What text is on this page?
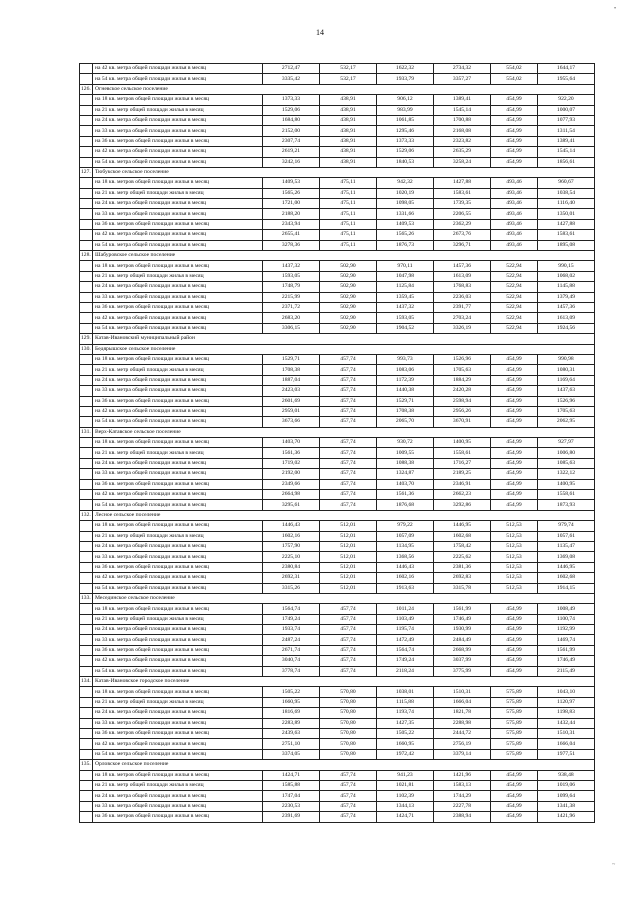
14
•
~
	на 42 кв. метра общей площади жилья в месяц	2712,47	532,17	1622,32	2734,32	554,02	1644,17
	на 54 кв. метра общей площади жилья в месяц	3335,42	532,17	1933,79	3357,27	554,02	1955,64
126.	Огневское сельское поселение						
	на 18 кв. метров общей площади жилья в месяц	1373,33	438,91	906,12	1389,41	454,99	922,20
	на 21 кв. метр общей площади жилья в месяц	1529,06	438,91	983,99	1545,14	454,99	1000,07
	на 24 кв. метра общей площади жилья в месяц	1684,80	438,91	1061,85	1700,88	454,99	1077,93
	на 33 кв. метра общей площади жилья в месяц	2152,00	438,91	1295,46	2168,08	454,99	1311,54
	на 36 кв. метров общей площади жилья в месяц	2307,74	438,91	1373,33	2323,82	454,99	1389,41
	на 42 кв. метра общей площади жилья в месяц	2619,21	438,91	1529,06	2635,29	454,99	1545,14
	на 54 кв. метра общей площади жилья в месяц	3242,16	438,91	1840,53	3258,24	454,99	1856,61
127.	Тюбукское сельское поселение						
	на 18 кв. метров общей площади жилья в месяц	1409,53	475,11	942,32	1427,88	493,46	960,67
	на 21 кв. метр общей площади жилья в месяц	1565,26	475,11	1020,19	1583,61	493,46	1038,54
	на 24 кв. метра общей площади жилья в месяц	1721,00	475,11	1098,05	1739,35	493,46	1116,40
	на 33 кв. метра общей площади жилья в месяц	2188,20	475,11	1331,66	2206,55	493,46	1350,01
	на 36 кв. метров общей площади жилья в месяц	2343,94	475,11	1409,53	2362,29	493,46	1427,88
	на 42 кв. метра общей площади жилья в месяц	2655,41	475,11	1565,26	2673,76	493,46	1583,61
	на 54 кв. метра общей площади жилья в месяц	3278,36	475,11	1876,73	3296,71	493,46	1895,08
128.	Шабуровское сельское поселение						
	на 18 кв. метров общей площади жилья в месяц	1437,32	502,90	970,11	1457,36	522,94	990,15
	на 21 кв. метр общей площади жилья в месяц	1593,05	502,90	1047,98	1613,09	522,94	1068,02
	на 24 кв. метра общей площади жилья в месяц	1748,79	502,90	1125,84	1768,83	522,94	1145,88
	на 33 кв. метра общей площади жилья в месяц	2215,99	502,90	1359,45	2236,03	522,94	1379,49
	на 36 кв. метров общей площади жилья в месяц	2371,72	502,90	1437,32	2391,77	522,94	1457,36
	на 42 кв. метра общей площади жилья в месяц	2683,20	502,90	1593,05	2703,24	522,94	1613,09
	на 54 кв. метра общей площади жилья в месяц	3306,15	502,90	1904,52	3326,19	522,94	1924,56
129.	Катав-Ивановский муниципальный район						
130.	Бедярышское сельское поселение						
	на 18 кв. метров общей площади жилья в месяц	1529,71	457,74	993,73	1526,96	454,99	990,98
	на 21 кв. метр общей площади жилья в месяц	1708,38	457,74	1083,06	1705,63	454,99	1080,31
	на 24 кв. метра общей площади жилья в месяц	1887,04	457,74	1172,39	1884,29	454,99	1169,64
	на 33 кв. метра общей площади жилья в месяц	2423,03	457,74	1440,38	2420,28	454,99	1437,63
	на 36 кв. метров общей площади жилья в месяц	2601,69	457,74	1529,71	2598,94	454,99	1526,96
	на 42 кв. метра общей площади жилья в месяц	2959,01	457,74	1708,38	2956,26	454,99	1705,63
	на 54 кв. метра общей площади жилья в месяц	3673,66	457,74	2065,70	3670,91	454,99	2062,95
131.	Верх-Катавское сельское поселение						
	на 18 кв. метров общей площади жилья в месяц	1403,70	457,74	930,72	1400,95	454,99	927,97
	на 21 кв. метр общей площади жилья в месяц	1561,36	457,74	1009,55	1558,61	454,99	1006,80
	на 24 кв. метра общей площади жилья в месяц	1719,02	457,74	1088,38	1716,27	454,99	1085,63
	на 33 кв. метра общей площади жилья в месяц	2192,00	457,74	1324,87	2189,25	454,99	1322,12
	на 36 кв. метров общей площади жилья в месяц	2349,66	457,74	1403,70	2346,91	454,99	1400,95
	на 42 кв. метра общей площади жилья в месяц	2664,98	457,74	1561,36	2662,23	454,99	1558,61
	на 54 кв. метра общей площади жилья в месяц	3295,61	457,74	1876,68	3292,86	454,99	1873,93
132.	Лесное сельское поселение						
	на 18 кв. метров общей площади жилья в месяц	1446,43	512,01	979,22	1446,95	512,53	979,74
	на 21 кв. метр общей площади жилья в месяц	1602,16	512,01	1057,09	1602,68	512,53	1057,61
	на 24 кв. метра общей площади жилья в месяц	1757,90	512,01	1134,95	1758,42	512,53	1135,47
	на 33 кв. метра общей площади жилья в месяц	2225,10	512,01	1368,56	2225,62	512,53	1369,08
	на 36 кв. метров общей площади жилья в месяц	2380,84	512,01	1446,43	2381,36	512,53	1446,95
	на 42 кв. метра общей площади жилья в месяц	2692,31	512,01	1602,16	2692,83	512,53	1602,68
	на 54 кв. метра общей площади жилья в месяц	3315,26	512,01	1913,63	3315,78	512,53	1914,15
133.	Месединское сельское поселение						
	на 18 кв. метров общей площади жилья в месяц	1564,74	457,74	1011,24	1561,99	454,99	1008,49
	на 21 кв. метр общей площади жилья в месяц	1749,24	457,74	1103,49	1746,49	454,99	1100,74
	на 24 кв. метра общей площади жилья в месяц	1933,74	457,74	1195,74	1930,99	454,99	1192,99
	на 33 кв. метра общей площади жилья в месяц	2487,24	457,74	1472,49	2484,49	454,99	1469,74
	на 36 кв. метров общей площади жилья в месяц	2671,74	457,74	1564,74	2668,99	454,99	1561,99
	на 42 кв. метра общей площади жилья в месяц	3040,74	457,74	1749,24	3037,99	454,99	1746,49
	на 54 кв. метра общей площади жилья в месяц	3778,74	457,74	2118,24	3775,99	454,99	2115,49
134.	Катав-Ивановское городское поселение						
	на 18 кв. метров общей площади жилья в месяц	1505,22	570,80	1038,01	1510,31	575,89	1043,10
	на 21 кв. метр общей площади жилья в месяц	1660,95	570,80	1115,88	1666,04	575,89	1120,97
	на 24 кв. метра общей площади жилья в месяц	1816,69	570,80	1193,74	1821,78	575,89	1198,83
	на 33 кв. метра общей площади жилья в месяц	2283,89	570,80	1427,35	2288,98	575,89	1432,44
	на 36 кв. метров общей площади жилья в месяц	2439,63	570,80	1505,22	2444,72	575,89	1510,31
	на 42 кв. метра общей площади жилья в месяц	2751,10	570,80	1660,95	2756,19	575,89	1666,04
	на 54 кв. метра общей площади жилья в месяц	3374,05	570,80	1972,42	3379,14	575,89	1977,51
135.	Орловское сельское поселение						
	на 18 кв. метров общей площади жилья в месяц	1424,71	457,74	941,23	1421,96	454,99	938,48
	на 21 кв. метр общей площади жилья в месяц	1585,88	457,74	1021,81	1583,13	454,99	1019,06
	на 24 кв. метра общей площади жилья в месяц	1747,04	457,74	1102,39	1744,29	454,99	1099,64
	на 33 кв. метра общей площади жилья в месяц	2230,53	457,74	1344,13	2227,78	454,99	1341,38
	на 36 кв. метров общей площади жилья в месяц	2391,69	457,74	1424,71	2388,94	454,99	1421,96
